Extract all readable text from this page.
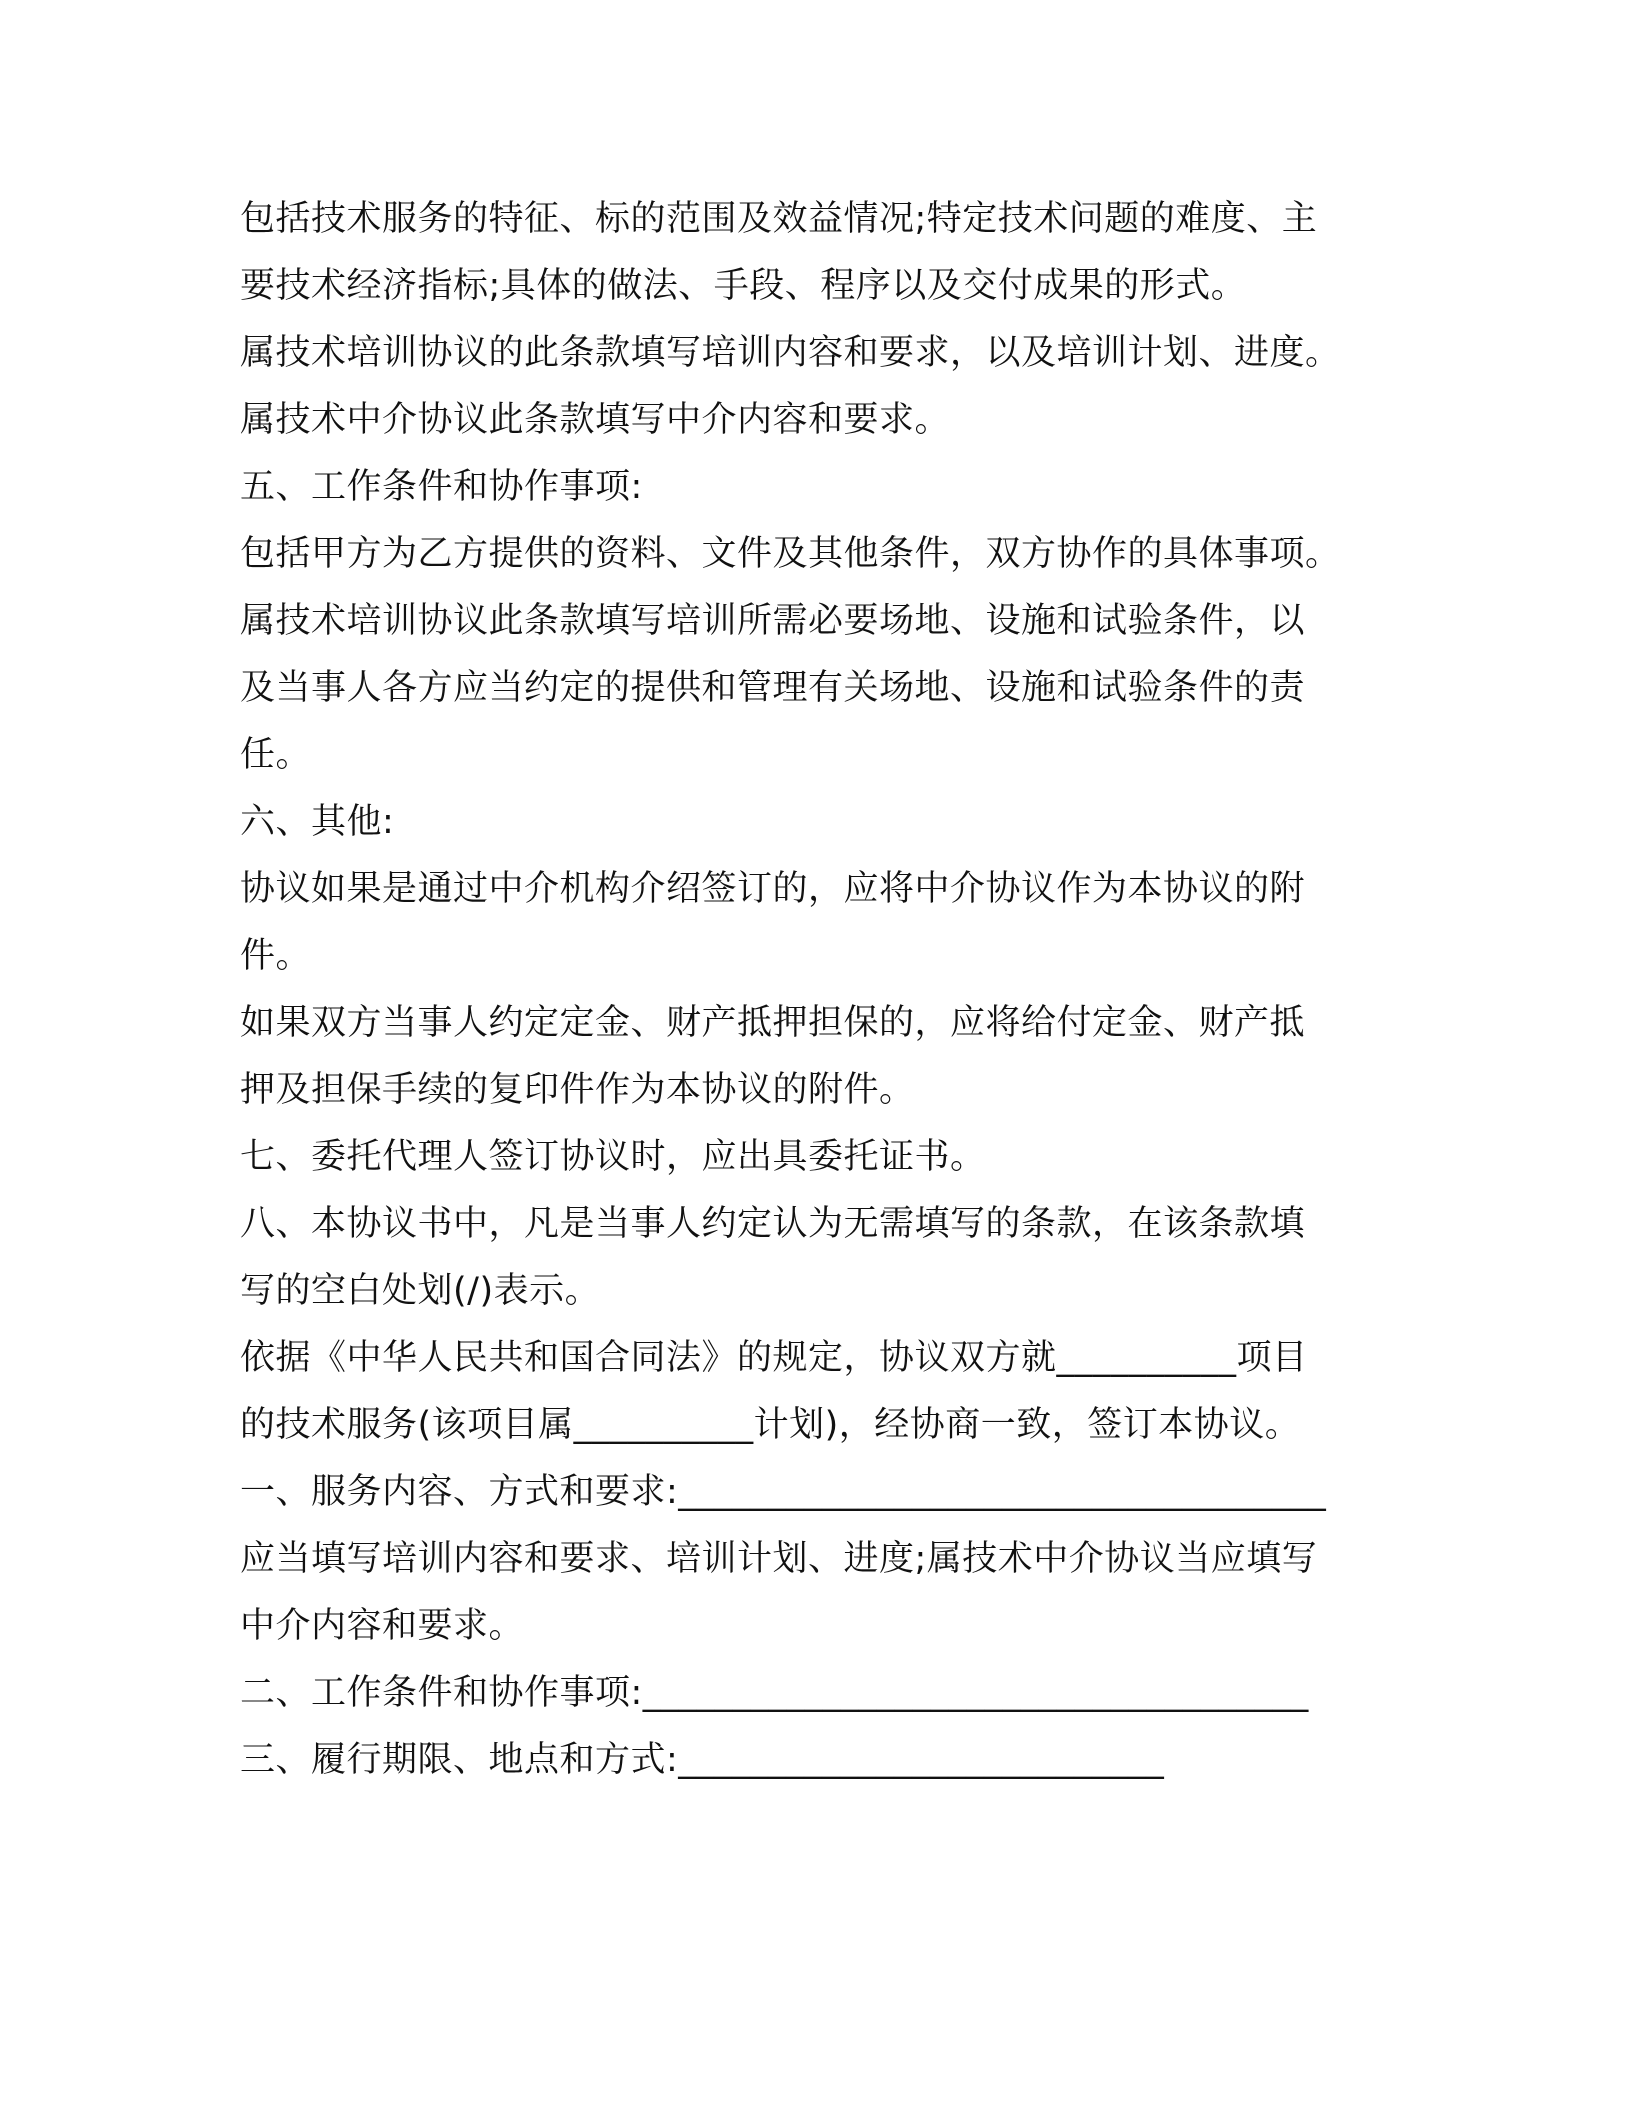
包括技术服务的特征、标的范围及效益情况;特定技术问题的难度、主
要技术经济指标;具体的做法、手段、程序以及交付成果的形式。
属技术培训协议的此条款填写培训内容和要求，以及培训计划、进度。
属技术中介协议此条款填写中介内容和要求。
五、工作条件和协作事项:
包括甲方为乙方提供的资料、文件及其他条件，双方协作的具体事项。
属技术培训协议此条款填写培训所需必要场地、设施和试验条件，以
及当事人各方应当约定的提供和管理有关场地、设施和试验条件的责
任。
六、其他:
协议如果是通过中介机构介绍签订的，应将中介协议作为本协议的附
件。
如果双方当事人约定定金、财产抵押担保的，应将给付定金、财产抵
押及担保手续的复印件作为本协议的附件。
七、委托代理人签订协议时，应出具委托证书。
八、本协议书中，凡是当事人约定认为无需填写的条款，在该条款填
写的空白处划(/)表示。
依据《中华人民共和国合同法》的规定，协议双方就__________项目
的技术服务(该项目属__________计划)，经协商一致，签订本协议。
一、服务内容、方式和要求:____________________________________
应当填写培训内容和要求、培训计划、进度;属技术中介协议当应填写
中介内容和要求。
二、工作条件和协作事项:_____________________________________
三、履行期限、地点和方式:___________________________
